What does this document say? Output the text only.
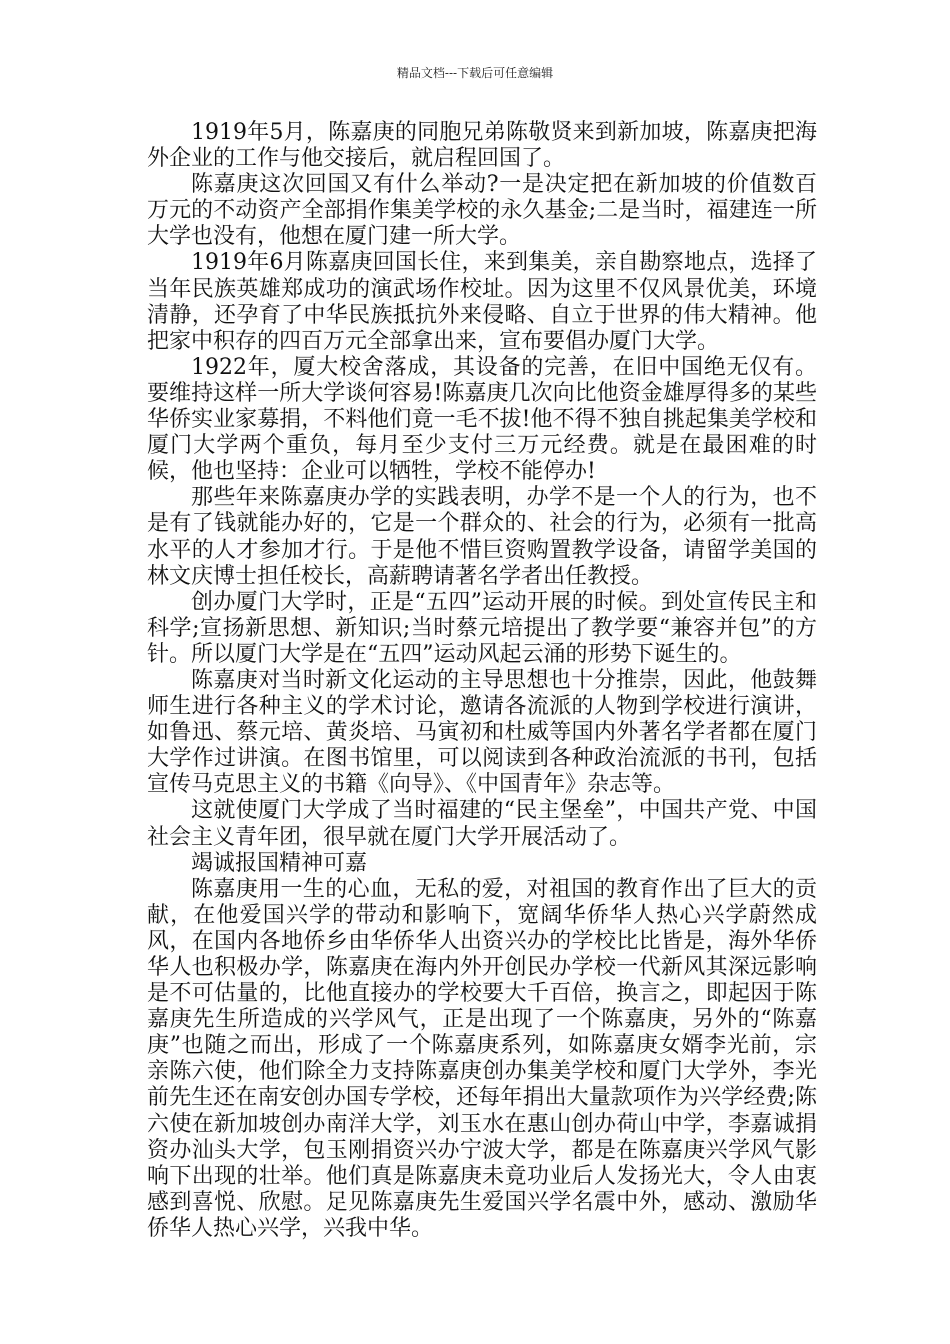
精品文档---下载后可任意编辑

1919年5月，陈嘉庚的同胞兄弟陈敬贤来到新加坡，陈嘉庚把海外企业的工作与他交接后，就启程回国了。

陈嘉庚这次回国又有什么举动?一是决定把在新加坡的价值数百万元的不动资产全部捐作集美学校的永久基金;二是当时，福建连一所大学也没有，他想在厦门建一所大学。

1919年6月陈嘉庚回国长住，来到集美，亲自勘察地点，选择了当年民族英雄郑成功的演武场作校址。因为这里不仅风景优美，环境清静，还孕育了中华民族抵抗外来侵略、自立于世界的伟大精神。他把家中积存的四百万元全部拿出来，宣布要倡办厦门大学。

1922年，厦大校舍落成，其设备的完善，在旧中国绝无仅有。要维持这样一所大学谈何容易!陈嘉庚几次向比他资金雄厚得多的某些华侨实业家募捐，不料他们竟一毛不拔!他不得不独自挑起集美学校和厦门大学两个重负，每月至少支付三万元经费。就是在最困难的时候，他也坚持：企业可以牺牲，学校不能停办!

那些年来陈嘉庚办学的实践表明，办学不是一个人的行为，也不是有了钱就能办好的，它是一个群众的、社会的行为，必须有一批高水平的人才参加才行。于是他不惜巨资购置教学设备，请留学美国的林文庆博士担任校长，高薪聘请著名学者出任教授。

创办厦门大学时，正是“五四”运动开展的时候。到处宣传民主和科学;宣扬新思想、新知识;当时蔡元培提出了教学要“兼容并包”的方针。所以厦门大学是在“五四”运动风起云涌的形势下诞生的。

陈嘉庚对当时新文化运动的主导思想也十分推崇，因此，他鼓舞师生进行各种主义的学术讨论，邀请各流派的人物到学校进行演讲，如鲁迅、蔡元培、黄炎培、马寅初和杜威等国内外著名学者都在厦门大学作过讲演。在图书馆里，可以阅读到各种政治流派的书刊，包括宣传马克思主义的书籍《向导》、《中国青年》杂志等。

这就使厦门大学成了当时福建的“民主堡垒”，中国共产党、中国社会主义青年团，很早就在厦门大学开展活动了。

竭诚报国精神可嘉

陈嘉庚用一生的心血，无私的爱，对祖国的教育作出了巨大的贡献，在他爱国兴学的带动和影响下，宽阔华侨华人热心兴学蔚然成风，在国内各地侨乡由华侨华人出资兴办的学校比比皆是，海外华侨华人也积极办学，陈嘉庚在海内外开创民办学校一代新风其深远影响是不可估量的，比他直接办的学校要大千百倍，换言之，即起因于陈嘉庚先生所造成的兴学风气，正是出现了一个陈嘉庚，另外的“陈嘉庚”也随之而出，形成了一个陈嘉庚系列，如陈嘉庚女婿李光前，宗亲陈六使，他们除全力支持陈嘉庚创办集美学校和厦门大学外，李光前先生还在南安创办国专学校，还每年捐出大量款项作为兴学经费;陈六使在新加坡创办南洋大学，刘玉水在惠山创办荷山中学，李嘉诚捐资办汕头大学，包玉刚捐资兴办宁波大学，都是在陈嘉庚兴学风气影响下出现的壮举。他们真是陈嘉庚未竟功业后人发扬光大，令人由衷感到喜悦、欣慰。足见陈嘉庚先生爱国兴学名震中外，感动、激励华侨华人热心兴学，兴我中华。
